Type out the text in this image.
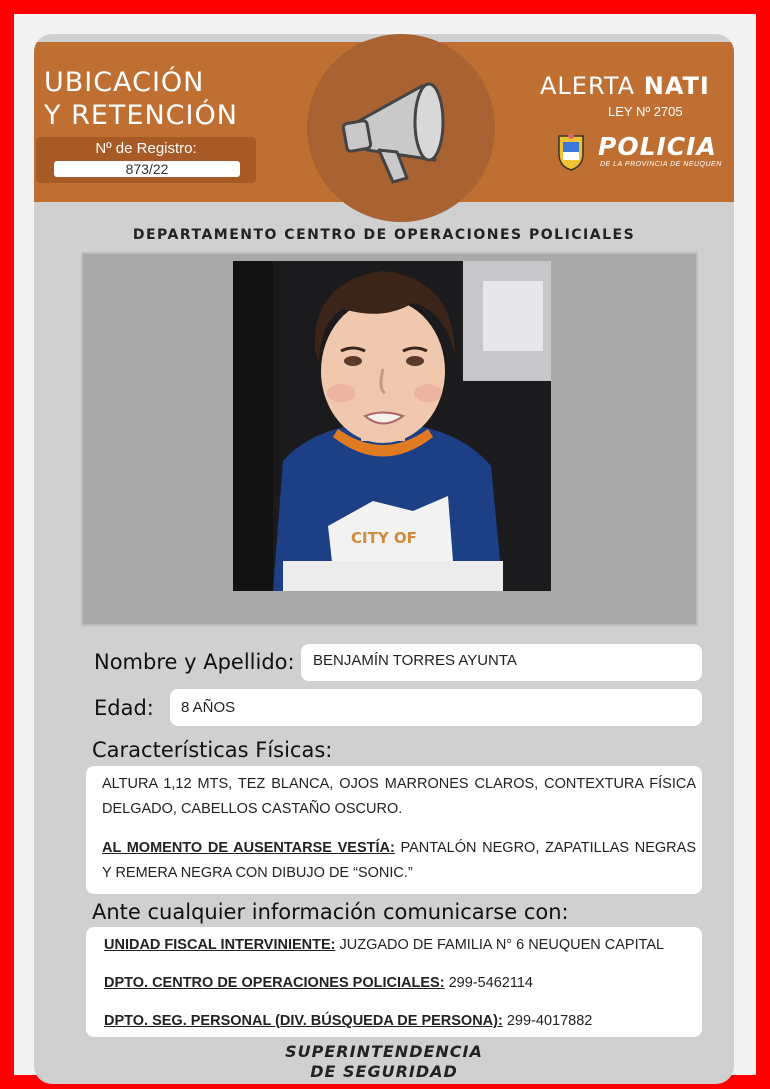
UBICACIÓN
Y RETENCIÓN
Nº de Registro:
873/22
ALERTA NATI
LEY Nº 2705
POLICIA
DE LA PROVINCIA DE NEUQUEN
DEPARTAMENTO CENTRO DE OPERACIONES POLICIALES
CITY OF
Nombre y Apellido: BENJAMÍN TORRES AYUNTA
Edad: 8 AÑOS
Características Físicas:
ALTURA 1,12 MTS, TEZ BLANCA, OJOS MARRONES CLAROS, CONTEXTURA FÍSICA DELGADO, CABELLOS CASTAÑO OSCURO.
AL MOMENTO DE AUSENTARSE VESTÍA: PANTALÓN NEGRO, ZAPATILLAS NEGRAS Y REMERA NEGRA CON DIBUJO DE “SONIC.”
Ante cualquier información comunicarse con:
UNIDAD FISCAL INTERVINIENTE: JUZGADO DE FAMILIA N° 6 NEUQUEN CAPITAL
DPTO. CENTRO DE OPERACIONES POLICIALES: 299-5462114
DPTO. SEG. PERSONAL (DIV. BÚSQUEDA DE PERSONA): 299-4017882
SUPERINTENDENCIA
DE SEGURIDAD
